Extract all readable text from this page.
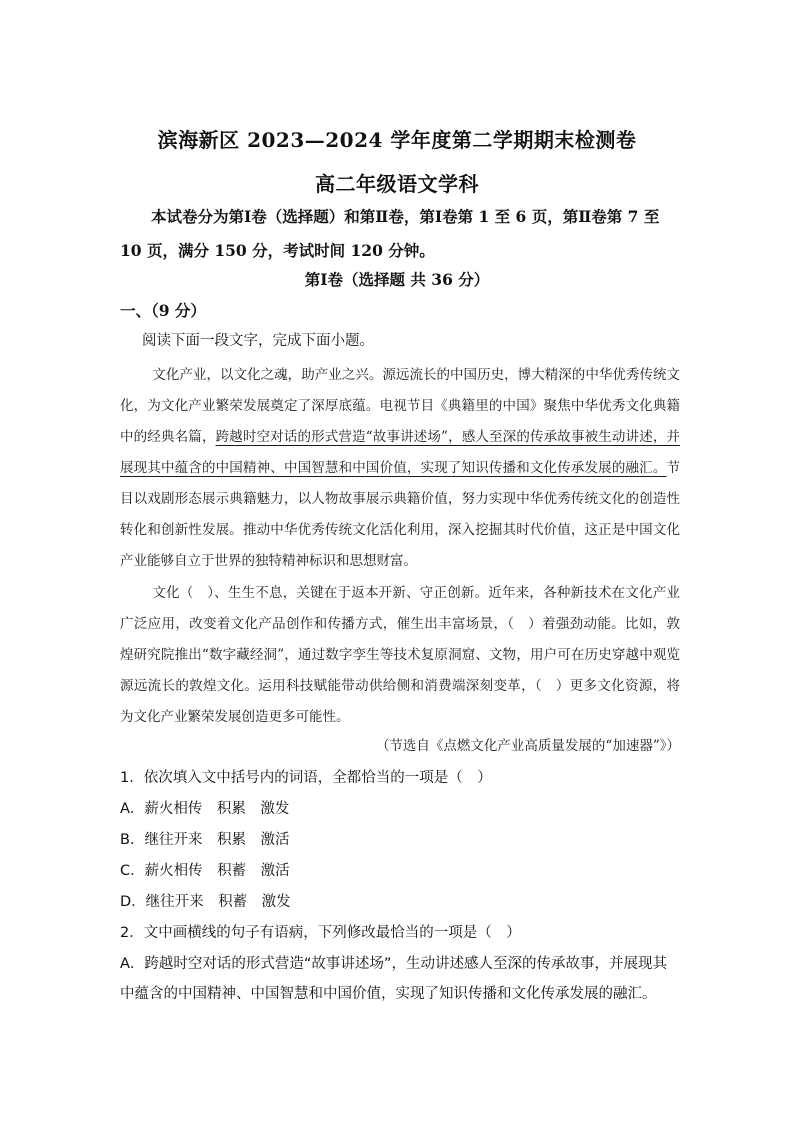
滨海新区 2023—2024 学年度第二学期期末检测卷
高二年级语文学科
本试卷分为第Ⅰ卷（选择题）和第Ⅱ卷，第Ⅰ卷第 1 至 6 页，第Ⅱ卷第 7 至 10 页，满分 150 分，考试时间 120 分钟。
第Ⅰ卷（选择题 共 36 分）
一、（9 分）
阅读下面一段文字，完成下面小题。
文化产业，以文化之魂，助产业之兴。源远流长的中国历史，博大精深的中华优秀传统文化，为文化产业繁荣发展奠定了深厚底蕴。电视节目《典籍里的中国》聚焦中华优秀文化典籍中的经典名篇，跨越时空对话的形式营造“故事讲述场”，感人至深的传承故事被生动讲述，并展现其中蕴含的中国精神、中国智慧和中国价值，实现了知识传播和文化传承发展的融汇。节目以戏剧形态展示典籍魅力，以人物故事展示典籍价值，努力实现中华优秀传统文化的创造性转化和创新性发展。推动中华优秀传统文化活化利用，深入挖掘其时代价值，这正是中国文化产业能够自立于世界的独特精神标识和思想财富。
文化（　）、生生不息，关键在于返本开新、守正创新。近年来，各种新技术在文化产业广泛应用，改变着文化产品创作和传播方式，催生出丰富场景，（　）着强劲动能。比如，敦煌研究院推出“数字藏经洞”，通过数字孪生等技术复原洞窟、文物，用户可在历史穿越中观览源远流长的敦煌文化。运用科技赋能带动供给侧和消费端深刻变革，（　）更多文化资源，将为文化产业繁荣发展创造更多可能性。
（节选自《点燃文化产业高质量发展的“加速器”》）
1．依次填入文中括号内的词语，全都恰当的一项是（　）
A．薪火相传　积累　激发
B．继往开来　积累　激活
C．薪火相传　积蓄　激活
D．继往开来　积蓄　激发
2．文中画横线的句子有语病，下列修改最恰当的一项是（　）
A．跨越时空对话的形式营造“故事讲述场”，生动讲述感人至深的传承故事，并展现其中蕴含的中国精神、中国智慧和中国价值，实现了知识传播和文化传承发展的融汇。
